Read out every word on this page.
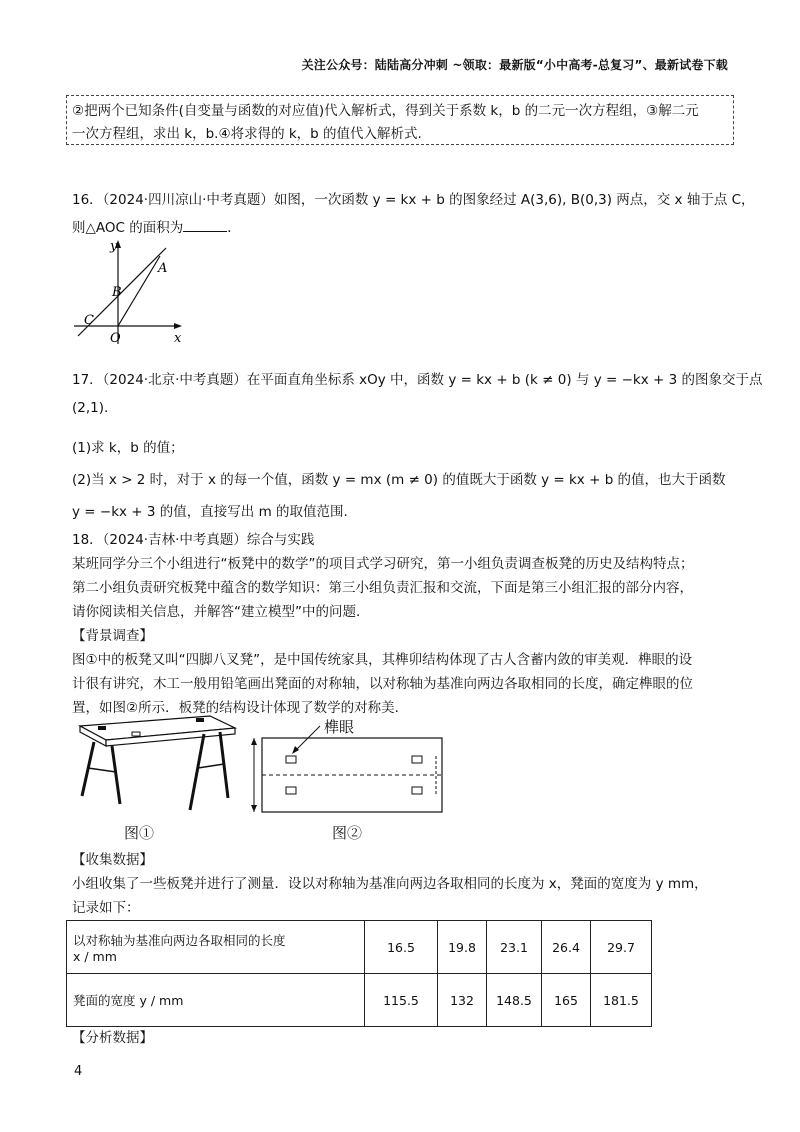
关注公众号：陆陆高分冲刺 ~领取：最新版“小中高考-总复习”、最新试卷下载
②把两个已知条件(自变量与函数的对应值)代入解析式，得到关于系数 k，b 的二元一次方程组，③解二元
一次方程组，求出 k，b.④将求得的 k，b 的值代入解析式.
16．（2024·四川凉山·中考真题）如图，一次函数 y = kx + b 的图象经过 A(3,6), B(0,3) 两点，交 x 轴于点 C，
则△AOC 的面积为	．
y
x
A
B
C
O
17．（2024·北京·中考真题）在平面直角坐标系 xOy 中，函数 y = kx + b (k ≠ 0) 与 y = −kx + 3 的图象交于点
(2,1).
(1)求 k，b 的值；
(2)当 x > 2 时，对于 x 的每一个值，函数 y = mx (m ≠ 0) 的值既大于函数 y = kx + b 的值，也大于函数
y = −kx + 3 的值，直接写出 m 的取值范围.
18．（2024·吉林·中考真题）综合与实践
某班同学分三个小组进行“板凳中的数学”的项目式学习研究，第一小组负责调查板凳的历史及结构特点；
第二小组负责研究板凳中蕴含的数学知识：第三小组负责汇报和交流，下面是第三小组汇报的部分内容，
请你阅读相关信息，并解答“建立模型”中的问题．
【背景调查】
图①中的板凳又叫“四脚八叉凳”，是中国传统家具，其榫卯结构体现了古人含蓄内敛的审美观．榫眼的设
计很有讲究，木工一般用铅笔画出凳面的对称轴，以对称轴为基准向两边各取相同的长度，确定榫眼的位
置，如图②所示．板凳的结构设计体现了数学的对称美．
榫眼
图①	图②
【收集数据】
小组收集了一些板凳并进行了测量．设以对称轴为基准向两边各取相同的长度为 x，凳面的宽度为 y mm，
记录如下：
以对称轴为基准向两边各取相同的长度
x / mm	16.5	19.8	23.1	26.4	29.7
凳面的宽度 y / mm	115.5	132	148.5	165	181.5
【分析数据】
4
